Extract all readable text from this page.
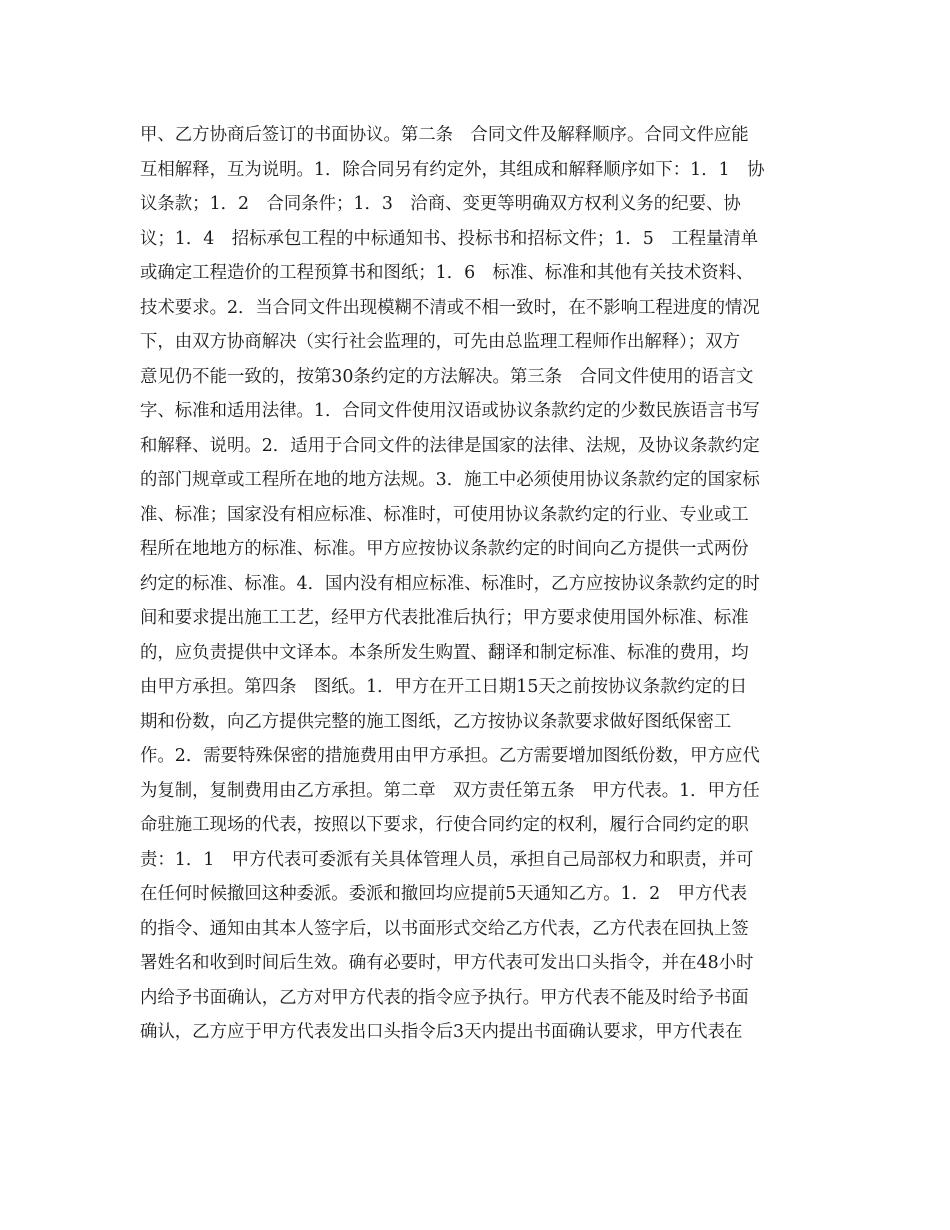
甲、乙方协商后签订的书面协议。第二条　合同文件及解释顺序。合同文件应能
互相解释，互为说明。1．除合同另有约定外，其组成和解释顺序如下：1．1　协
议条款；1．2　合同条件；1．3　洽商、变更等明确双方权利义务的纪要、协
议；1．4　招标承包工程的中标通知书、投标书和招标文件；1．5　工程量清单
或确定工程造价的工程预算书和图纸；1．6　标准、标准和其他有关技术资料、
技术要求。2．当合同文件出现模糊不清或不相一致时，在不影响工程进度的情况
下，由双方协商解决（实行社会监理的，可先由总监理工程师作出解释）；双方
意见仍不能一致的，按第30条约定的方法解决。第三条　合同文件使用的语言文
字、标准和适用法律。1．合同文件使用汉语或协议条款约定的少数民族语言书写
和解释、说明。2．适用于合同文件的法律是国家的法律、法规，及协议条款约定
的部门规章或工程所在地的地方法规。3．施工中必须使用协议条款约定的国家标
准、标准；国家没有相应标准、标准时，可使用协议条款约定的行业、专业或工
程所在地地方的标准、标准。甲方应按协议条款约定的时间向乙方提供一式两份
约定的标准、标准。4．国内没有相应标准、标准时，乙方应按协议条款约定的时
间和要求提出施工工艺，经甲方代表批准后执行；甲方要求使用国外标准、标准
的，应负责提供中文译本。本条所发生购置、翻译和制定标准、标准的费用，均
由甲方承担。第四条　图纸。1．甲方在开工日期15天之前按协议条款约定的日
期和份数，向乙方提供完整的施工图纸，乙方按协议条款要求做好图纸保密工
作。2．需要特殊保密的措施费用由甲方承担。乙方需要增加图纸份数，甲方应代
为复制，复制费用由乙方承担。第二章　双方责任第五条　甲方代表。1．甲方任
命驻施工现场的代表，按照以下要求，行使合同约定的权利，履行合同约定的职
责：1．1　甲方代表可委派有关具体管理人员，承担自己局部权力和职责，并可
在任何时候撤回这种委派。委派和撤回均应提前5天通知乙方。1．2　甲方代表
的指令、通知由其本人签字后，以书面形式交给乙方代表，乙方代表在回执上签
署姓名和收到时间后生效。确有必要时，甲方代表可发出口头指令，并在48小时
内给予书面确认，乙方对甲方代表的指令应予执行。甲方代表不能及时给予书面
确认，乙方应于甲方代表发出口头指令后3天内提出书面确认要求，甲方代表在
